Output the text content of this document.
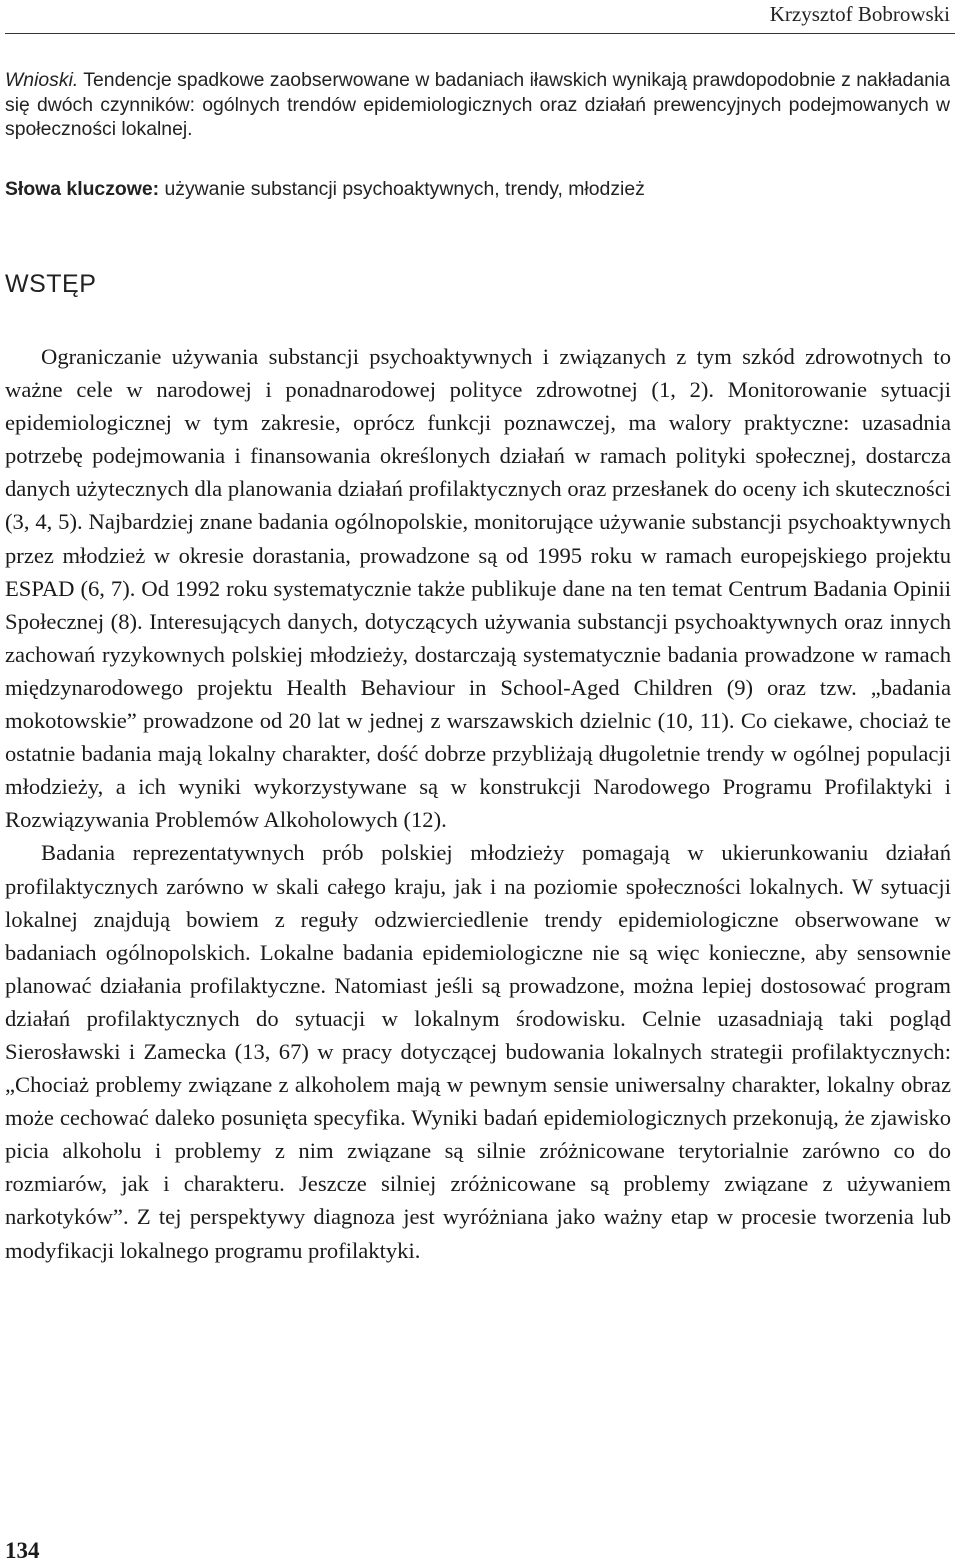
Krzysztof Bobrowski

Wnioski. Tendencje spadkowe zaobserwowane w badaniach iławskich wynikają prawdopodobnie z nakładania się dwóch czynników: ogólnych trendów epidemiologicznych oraz działań prewencyjnych podejmowanych w społeczności lokalnej.

Słowa kluczowe: używanie substancji psychoaktywnych, trendy, młodzież

WSTĘP

Ograniczanie używania substancji psychoaktywnych i związanych z tym szkód zdrowotnych to ważne cele w narodowej i ponadnarodowej polityce zdrowotnej (1, 2). Monitorowanie sytuacji epidemiologicznej w tym zakresie, oprócz funkcji poznawczej, ma walory praktyczne: uzasadnia potrzebę podejmowania i finansowania określonych działań w ramach polityki społecznej, dostarcza danych użytecznych dla planowania działań profilaktycznych oraz przesłanek do oceny ich skuteczności (3, 4, 5). Najbardziej znane badania ogólnopolskie, monitorujące używanie substancji psychoaktywnych przez młodzież w okresie dorastania, prowadzone są od 1995 roku w ramach europejskiego projektu ESPAD (6, 7). Od 1992 roku systematycznie także publikuje dane na ten temat Centrum Badania Opinii Społecznej (8). Interesujących danych, dotyczących używania substancji psychoaktywnych oraz innych zachowań ryzykownych polskiej młodzieży, dostarczają systematycznie badania prowadzone w ramach międzynarodowego projektu Health Behaviour in School-Aged Children (9) oraz tzw. „badania mokotowskie” prowadzone od 20 lat w jednej z warszawskich dzielnic (10, 11). Co ciekawe, chociaż te ostatnie badania mają lokalny charakter, dość dobrze przybliżają długoletnie trendy w ogólnej populacji młodzieży, a ich wyniki wykorzystywane są w konstrukcji Narodowego Programu Profilaktyki i Rozwiązywania Problemów Alkoholowych (12).

Badania reprezentatywnych prób polskiej młodzieży pomagają w ukierunkowaniu działań profilaktycznych zarówno w skali całego kraju, jak i na poziomie społeczności lokalnych. W sytuacji lokalnej znajdują bowiem z reguły odzwierciedlenie trendy epidemiologiczne obserwowane w badaniach ogólnopolskich. Lokalne badania epidemiologiczne nie są więc konieczne, aby sensownie planować działania profilaktyczne. Natomiast jeśli są prowadzone, można lepiej dostosować program działań profilaktycznych do sytuacji w lokalnym środowisku. Celnie uzasadniają taki pogląd Sierosławski i Zamecka (13, 67) w pracy dotyczącej budowania lokalnych strategii profilaktycznych: „Chociaż problemy związane z alkoholem mają w pewnym sensie uniwersalny charakter, lokalny obraz może cechować daleko posunięta specyfika. Wyniki badań epidemiologicznych przekonują, że zjawisko picia alkoholu i problemy z nim związane są silnie zróżnicowane terytorialnie zarówno co do rozmiarów, jak i charakteru. Jeszcze silniej zróżnicowane są problemy związane z używaniem narkotyków”. Z tej perspektywy diagnoza jest wyróżniana jako ważny etap w procesie tworzenia lub modyfikacji lokalnego programu profilaktyki.

134
